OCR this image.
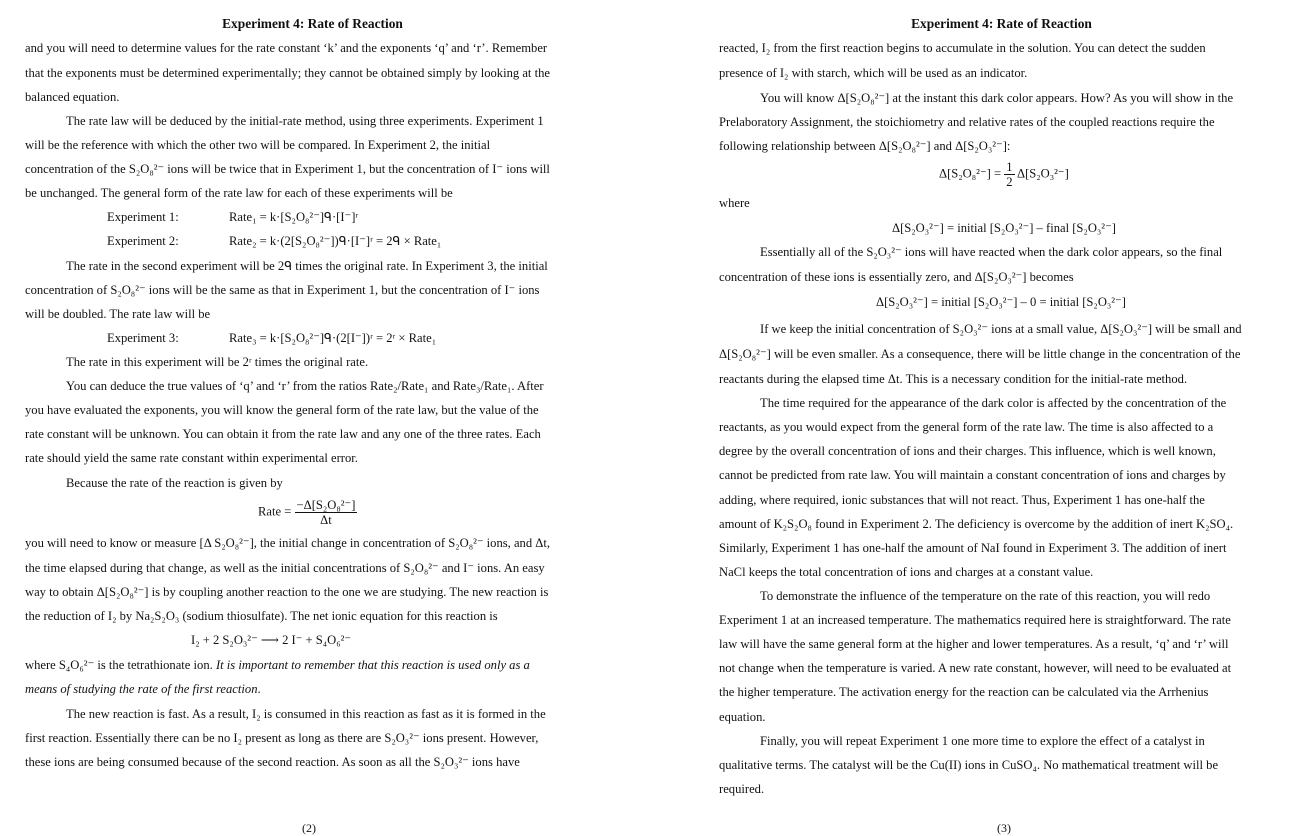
Experiment 4: Rate of Reaction
and you will need to determine values for the rate constant ‘k’ and the exponents ‘q’ and ‘r’. Remember
that the exponents must be determined experimentally; they cannot be obtained simply by looking at the
balanced equation.
The rate law will be deduced by the initial-rate method, using three experiments. Experiment 1
will be the reference with which the other two will be compared. In Experiment 2, the initial
concentration of the S₂O₈²⁻ ions will be twice that in Experiment 1, but the concentration of I⁻ ions will
be unchanged. The general form of the rate law for each of these experiments will be
Experiment 1:	Rate₁ = k·[S₂O₈²⁻]ᑫ·[I⁻]ʳ
Experiment 2:	Rate₂ = k·(2[S₂O₈²⁻])ᑫ·[I⁻]ʳ = 2ᑫ × Rate₁
The rate in the second experiment will be 2ᑫ times the original rate. In Experiment 3, the initial
concentration of S₂O₈²⁻ ions will be the same as that in Experiment 1, but the concentration of I⁻ ions
will be doubled. The rate law will be
Experiment 3:	Rate₃ = k·[S₂O₈²⁻]ᑫ·(2[I⁻])ʳ = 2ʳ × Rate₁
The rate in this experiment will be 2ʳ times the original rate.
You can deduce the true values of ‘q’ and ‘r’ from the ratios Rate₂/Rate₁ and Rate₃/Rate₁. After
you have evaluated the exponents, you will know the general form of the rate law, but the value of the
rate constant will be unknown. You can obtain it from the rate law and any one of the three rates. Each
rate should yield the same rate constant within experimental error.
Because the rate of the reaction is given by
Rate = $\frac{\text{−Δ[S₂O₈²⁻]}}{\Delta t}$
you will need to know or measure [Δ S₂O₈²⁻], the initial change in concentration of S₂O₈²⁻ ions, and Δt,
the time elapsed during that change, as well as the initial concentrations of S₂O₈²⁻ and I⁻ ions. An easy
way to obtain Δ[S₂O₈²⁻] is by coupling another reaction to the one we are studying. The new reaction is
the reduction of I₂ by Na₂S₂O₃ (sodium thiosulfate). The net ionic equation for this reaction is
I₂ + 2 S₂O₃²⁻ ⟶ 2 I⁻ + S₄O₆²⁻
where S₄O₆²⁻ is the tetrathionate ion. It is important to remember that this reaction is used only as a
means of studying the rate of the first reaction.
The new reaction is fast. As a result, I₂ is consumed in this reaction as fast as it is formed in the
first reaction. Essentially there can be no I₂ present as long as there are S₂O₃²⁻ ions present. However,
these ions are being consumed because of the second reaction. As soon as all the S₂O₃²⁻ ions have
(2)
Experiment 4: Rate of Reaction
reacted, I₂ from the first reaction begins to accumulate in the solution. You can detect the sudden
presence of I₂ with starch, which will be used as an indicator.
You will know Δ[S₂O₈²⁻] at the instant this dark color appears. How? As you will show in the
Prelaboratory Assignment, the stoichiometry and relative rates of the coupled reactions require the
following relationship between Δ[S₂O₈²⁻] and Δ[S₂O₃²⁻]:
$\Delta[S_2O_8^{2-}] = \frac{1}{2} \Delta[S_2O_3^{2-}]$
where
Δ[S₂O₃²⁻] = initial [S₂O₃²⁻] – final [S₂O₃²⁻]
Essentially all of the S₂O₃²⁻ ions will have reacted when the dark color appears, so the final
concentration of these ions is essentially zero, and Δ[S₂O₃²⁻] becomes
Δ[S₂O₃²⁻] = initial [S₂O₃²⁻] – 0 = initial [S₂O₃²⁻]
If we keep the initial concentration of S₂O₃²⁻ ions at a small value, Δ[S₂O₃²⁻] will be small and
Δ[S₂O₈²⁻] will be even smaller. As a consequence, there will be little change in the concentration of the
reactants during the elapsed time Δt. This is a necessary condition for the initial-rate method.
The time required for the appearance of the dark color is affected by the concentration of the
reactants, as you would expect from the general form of the rate law. The time is also affected to a
degree by the overall concentration of ions and their charges. This influence, which is well known,
cannot be predicted from rate law. You will maintain a constant concentration of ions and charges by
adding, where required, ionic substances that will not react. Thus, Experiment 1 has one-half the
amount of K₂S₂O₈ found in Experiment 2. The deficiency is overcome by the addition of inert K₂SO₄.
Similarly, Experiment 1 has one-half the amount of NaI found in Experiment 3. The addition of inert
NaCl keeps the total concentration of ions and charges at a constant value.
To demonstrate the influence of the temperature on the rate of this reaction, you will redo
Experiment 1 at an increased temperature. The mathematics required here is straightforward. The rate
law will have the same general form at the higher and lower temperatures. As a result, ‘q’ and ‘r’ will
not change when the temperature is varied. A new rate constant, however, will need to be evaluated at
the higher temperature. The activation energy for the reaction can be calculated via the Arrhenius
equation.
Finally, you will repeat Experiment 1 one more time to explore the effect of a catalyst in
qualitative terms. The catalyst will be the Cu(II) ions in CuSO₄. No mathematical treatment will be
required.
(3)
